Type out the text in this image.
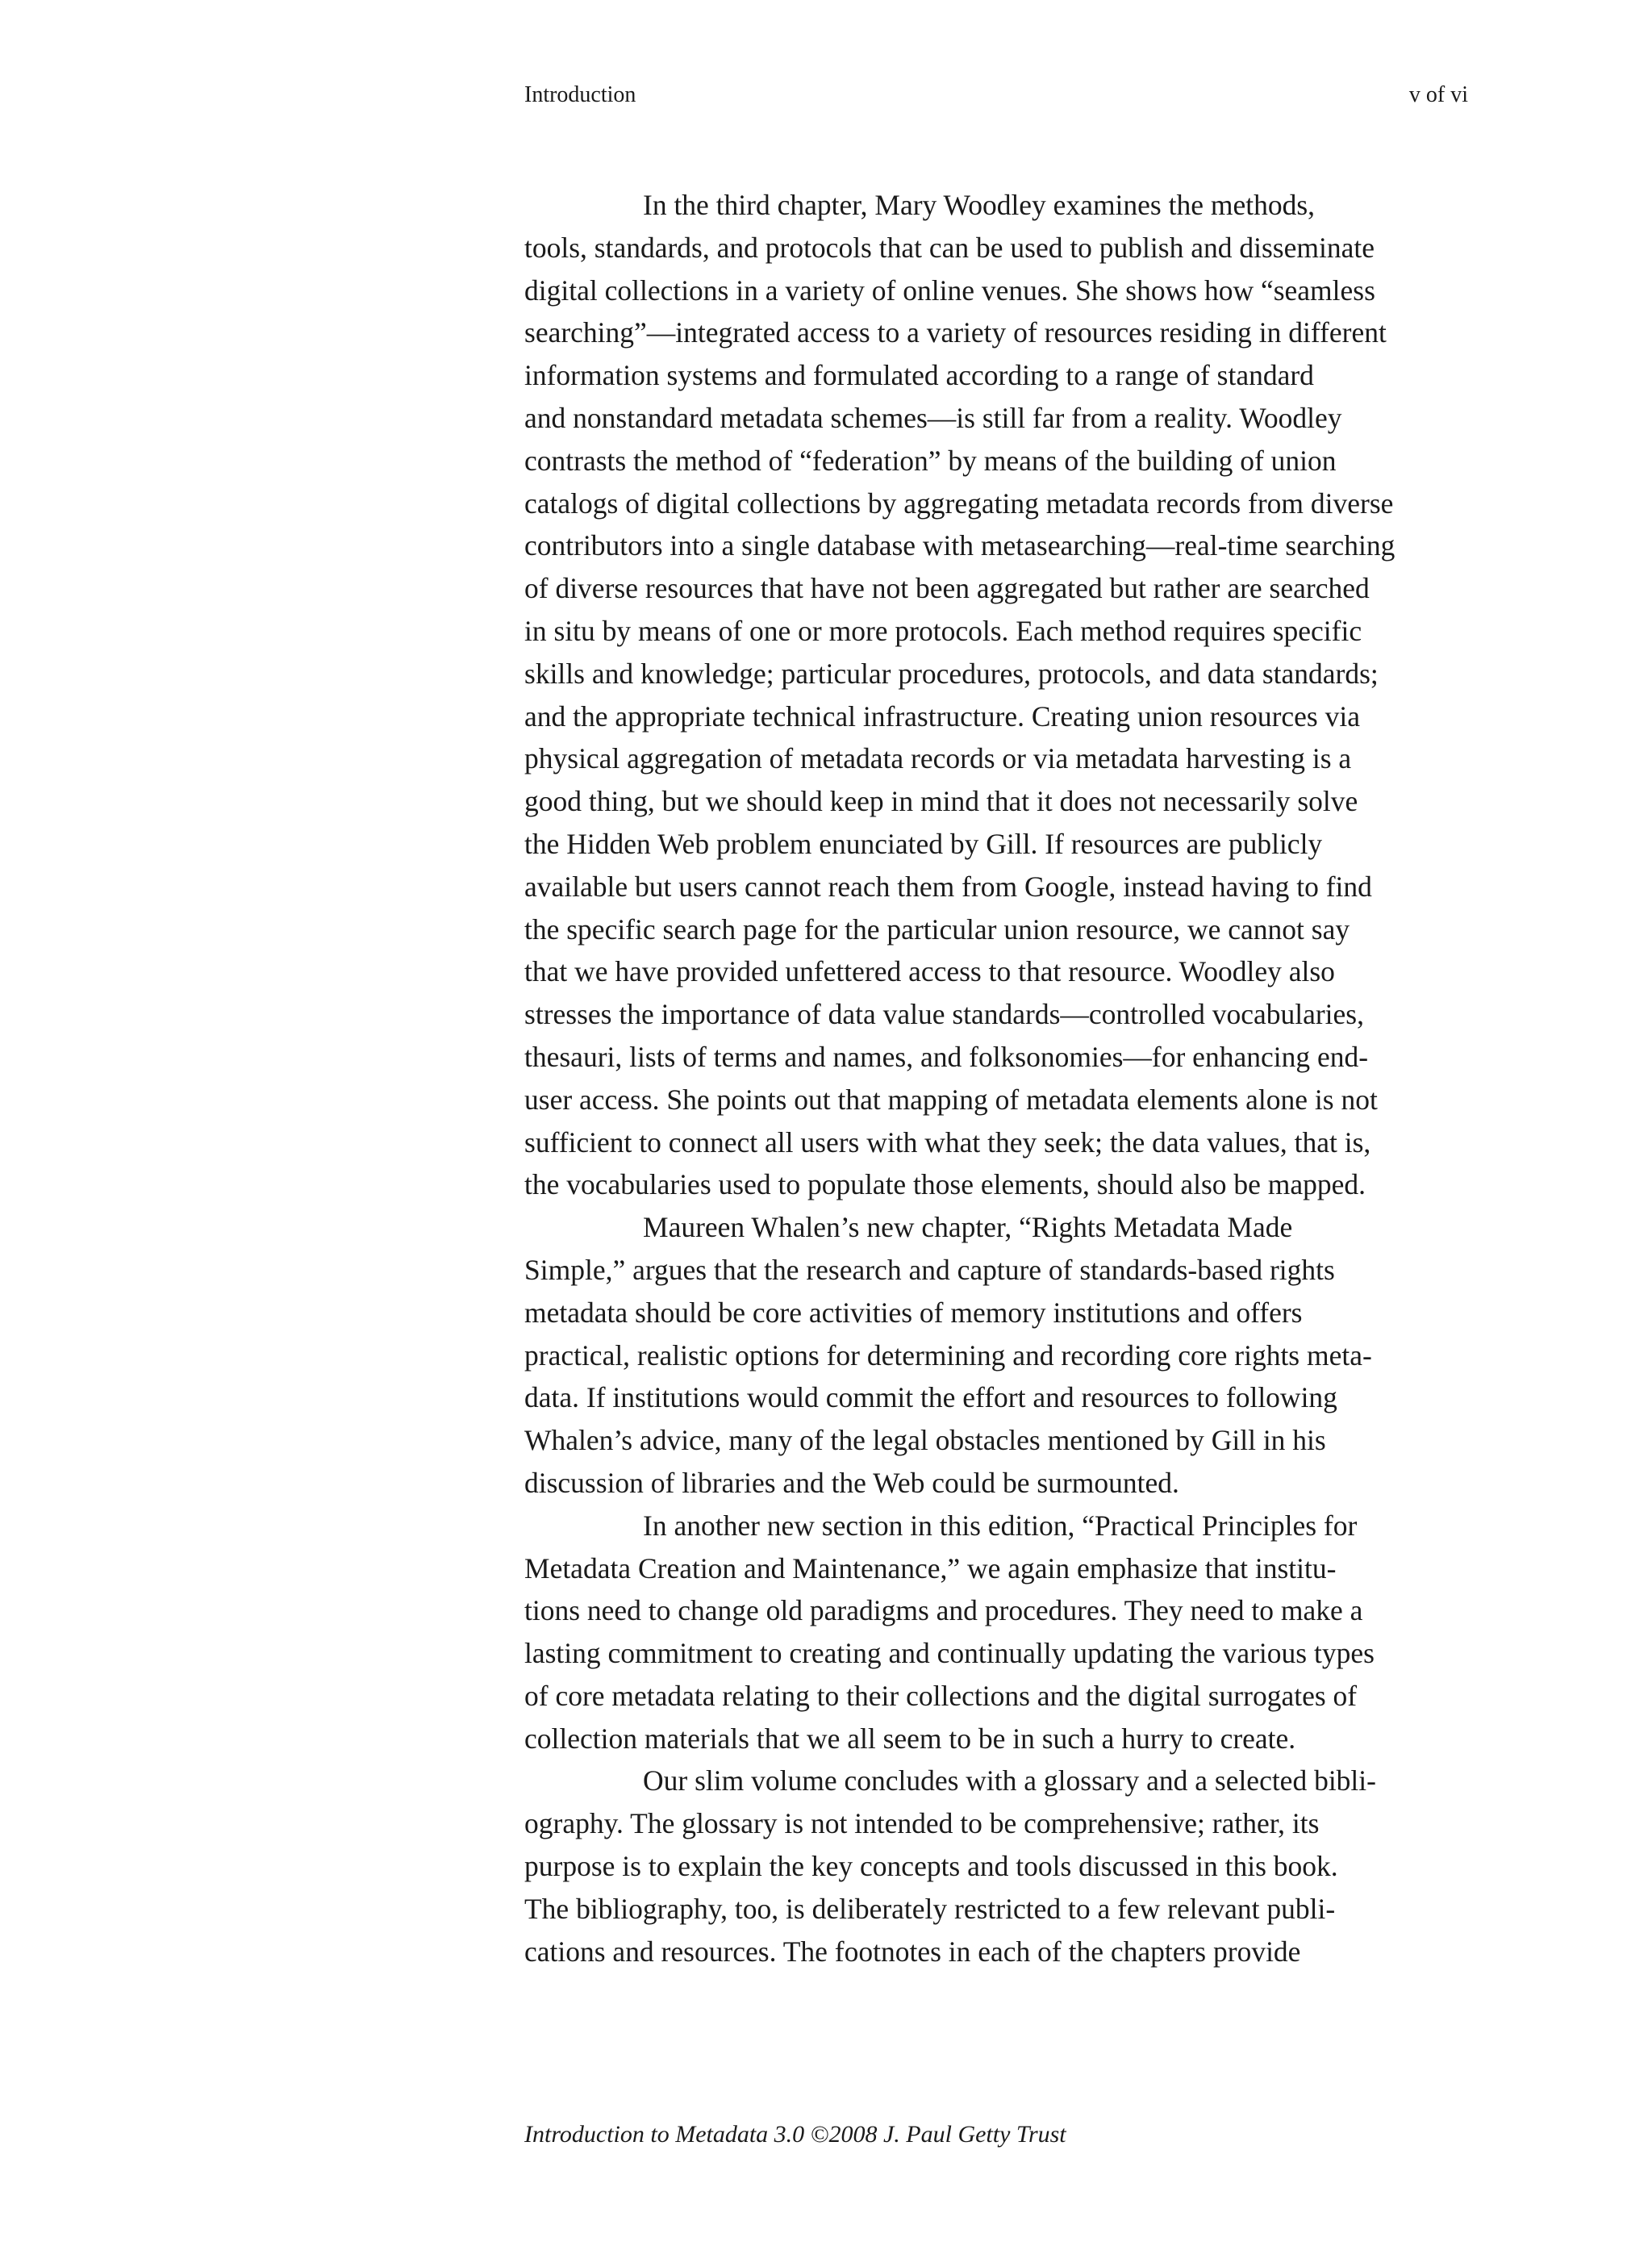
Introduction	v of vi
In the third chapter, Mary Woodley examines the methods,
tools, standards, and protocols that can be used to publish and disseminate
digital collections in a variety of online venues. She shows how “seamless
searching”—integrated access to a variety of resources residing in different
information systems and formulated according to a range of standard
and nonstandard metadata schemes—is still far from a reality. Woodley
contrasts the method of “federation” by means of the building of union
catalogs of digital collections by aggregating metadata records from diverse
contributors into a single database with metasearching—real-time searching
of diverse resources that have not been aggregated but rather are searched
in situ by means of one or more protocols. Each method requires specific
skills and knowledge; particular procedures, protocols, and data standards;
and the appropriate technical infrastructure. Creating union resources via
physical aggregation of metadata records or via metadata harvesting is a
good thing, but we should keep in mind that it does not necessarily solve
the Hidden Web problem enunciated by Gill. If resources are publicly
available but users cannot reach them from Google, instead having to find
the specific search page for the particular union resource, we cannot say
that we have provided unfettered access to that resource. Woodley also
stresses the importance of data value standards—controlled vocabularies,
thesauri, lists of terms and names, and folksonomies—for enhancing end-
user access. She points out that mapping of metadata elements alone is not
sufficient to connect all users with what they seek; the data values, that is,
the vocabularies used to populate those elements, should also be mapped.
Maureen Whalen’s new chapter, “Rights Metadata Made
Simple,” argues that the research and capture of standards-based rights
metadata should be core activities of memory institutions and offers
practical, realistic options for determining and recording core rights meta-
data. If institutions would commit the effort and resources to following
Whalen’s advice, many of the legal obstacles mentioned by Gill in his
discussion of libraries and the Web could be surmounted.
In another new section in this edition, “Practical Principles for
Metadata Creation and Maintenance,” we again emphasize that institu-
tions need to change old paradigms and procedures. They need to make a
lasting commitment to creating and continually updating the various types
of core metadata relating to their collections and the digital surrogates of
collection materials that we all seem to be in such a hurry to create.
Our slim volume concludes with a glossary and a selected bibli-
ography. The glossary is not intended to be comprehensive; rather, its
purpose is to explain the key concepts and tools discussed in this book.
The bibliography, too, is deliberately restricted to a few relevant publi-
cations and resources. The footnotes in each of the chapters provide
Introduction to Metadata 3.0 ©2008 J. Paul Getty Trust
